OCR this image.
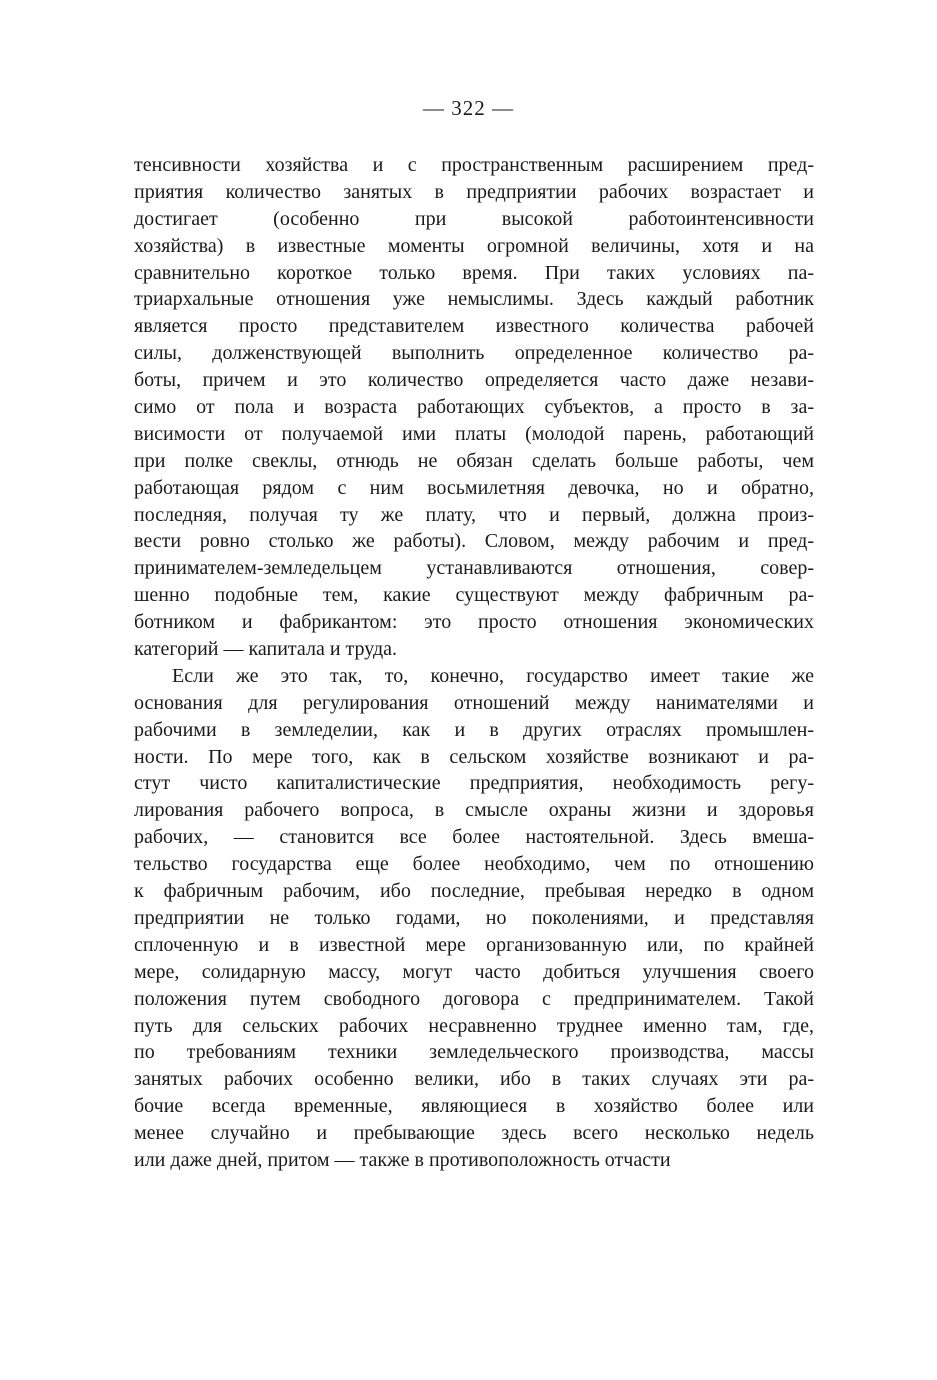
— 322 —
тенсивности хозяйства и с пространственным расширением пред-
приятия количество занятых в предприятии рабочих возрастает и
достигает (особенно при высокой работоинтенсивности
хозяйства) в известные моменты огромной величины, хотя и на
сравнительно короткое только время. При таких условиях па-
триархальные отношения уже немыслимы. Здесь каждый работник
является просто представителем известного количества рабочей
силы, долженствующей выполнить определенное количество ра-
боты, причем и это количество определяется часто даже незави-
симо от пола и возраста работающих субъектов, а просто в за-
висимости от получаемой ими платы (молодой парень, работающий
при полке свеклы, отнюдь не обязан сделать больше работы, чем
работающая рядом с ним восьмилетняя девочка, но и обратно,
последняя, получая ту же плату, что и первый, должна произ-
вести ровно столько же работы). Словом, между рабочим и пред-
принимателем-земледельцем устанавливаются отношения, совер-
шенно подобные тем, какие существуют между фабричным ра-
ботником и фабрикантом: это просто отношения экономических
категорий — капитала и труда.
Если же это так, то, конечно, государство имеет такие же
основания для регулирования отношений между нанимателями и
рабочими в земледелии, как и в других отраслях промышлен-
ности. По мере того, как в сельском хозяйстве возникают и ра-
стут чисто капиталистические предприятия, необходимость регу-
лирования рабочего вопроса, в смысле охраны жизни и здоровья
рабочих, — становится все более настоятельной. Здесь вмеша-
тельство государства еще более необходимо, чем по отношению
к фабричным рабочим, ибо последние, пребывая нередко в одном
предприятии не только годами, но поколениями, и представляя
сплоченную и в известной мере организованную или, по крайней
мере, солидарную массу, могут часто добиться улучшения своего
положения путем свободного договора с предпринимателем. Такой
путь для сельских рабочих несравненно труднее именно там, где,
по требованиям техники земледельческого производства, массы
занятых рабочих особенно велики, ибо в таких случаях эти ра-
бочие всегда временные, являющиеся в хозяйство более или
менее случайно и пребывающие здесь всего несколько недель
или даже дней, притом — также в противоположность отчасти
